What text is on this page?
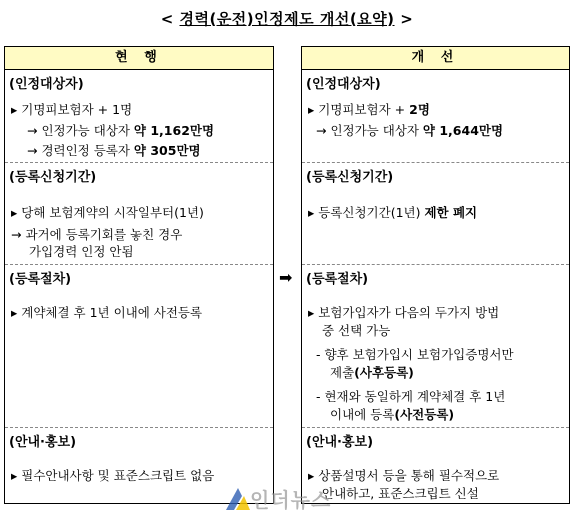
< 경력(운전)인정제도 개선(요약) >
현 행
(인정대상자)
▸ 기명피보험자 + 1명
→ 인정가능 대상자 약 1,162만명
→ 경력인정 등록자 약 305만명
(등록신청기간)
▸ 당해 보험계약의 시작일부터(1년)
→ 과거에 등록기회를 놓친 경우
가입경력 인정 안됨
(등록절차)
▸ 계약체결 후 1년 이내에 사전등록
(안내·홍보)
▸ 필수안내사항 및 표준스크립트 없음
➡
개 선
(인정대상자)
▸ 기명피보험자 + 2명
→ 인정가능 대상자 약 1,644만명
(등록신청기간)
▸ 등록신청기간(1년) 제한 폐지
(등록절차)
▸ 보험가입자가 다음의 두가지 방법
중 선택 가능
- 향후 보험가입시 보험가입증명서만
제출(사후등록)
- 현재와 동일하게 계약체결 후 1년
이내에 등록(사전등록)
(안내·홍보)
▸ 상품설명서 등을 통해 필수적으로
안내하고, 표준스크립트 신설
인더뉴스
